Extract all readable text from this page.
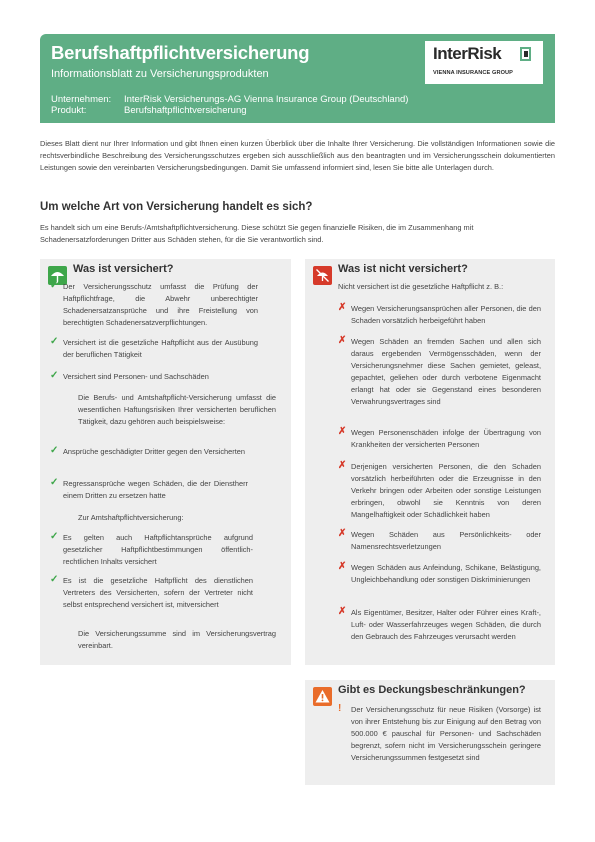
Berufshaftpflichtversicherung
Informationsblatt zu Versicherungsprodukten
Unternehmen: InterRisk Versicherungs-AG Vienna Insurance Group (Deutschland)
Produkt:	Berufshaftpflichtversicherung
InterRisk
VIENNA INSURANCE GROUP
Dieses Blatt dient nur Ihrer Information und gibt Ihnen einen kurzen Überblick über die Inhalte Ihrer Versicherung. Die vollständigen Informationen sowie die rechtsverbindliche Beschreibung des Versicherungsschutzes ergeben sich ausschließlich aus den beantragten und im Versicherungsschein dokumentierten Leistungen sowie den vereinbarten Versicherungsbedingungen. Damit Sie umfassend informiert sind, lesen Sie bitte alle Unterlagen durch.
Um welche Art von Versicherung handelt es sich?
Es handelt sich um eine Berufs-/Amtshaftpflichtversicherung. Diese schützt Sie gegen finanzielle Risiken, die im Zusammenhang mit Schadenersatzforderungen Dritter aus Schäden stehen, für die Sie verantwortlich sind.
Was ist versichert?
✓ Der Versicherungsschutz umfasst die Prüfung der Haftpflichtfrage, die Abwehr unberechtigter Schadenersatzansprüche und ihre Freistellung von berechtigten Schadenersatzverpflichtungen.
✓ Versichert ist die gesetzliche Haftpflicht aus der Ausübung der beruflichen Tätigkeit
✓ Versichert sind Personen- und Sachschäden
Die Berufs- und Amtshaftpflicht-Versicherung umfasst die wesentlichen Haftungsrisiken Ihrer versicherten beruflichen Tätigkeit, dazu gehören auch beispielsweise:
✓ Ansprüche geschädigter Dritter gegen den Versicherten
✓ Regressansprüche wegen Schäden, die der Dienstherr einem Dritten zu ersetzen hatte
Zur Amtshaftpflichtversicherung:
✓ Es gelten auch Haftpflichtansprüche aufgrund gesetzlicher Haftpflichtbestimmungen öffentlich-rechtlichen Inhalts versichert
✓ Es ist die gesetzliche Haftpflicht des dienstlichen Vertreters des Versicherten, sofern der Vertreter nicht selbst entsprechend versichert ist, mitversichert
Die Versicherungssumme sind im Versicherungsvertrag vereinbart.
Was ist nicht versichert?
Nicht versichert ist die gesetzliche Haftpflicht z. B.:
✗ Wegen Versicherungsansprüchen aller Personen, die den Schaden vorsätzlich herbeigeführt haben
✗ Wegen Schäden an fremden Sachen und allen sich daraus ergebenden Vermögensschäden, wenn der Versicherungsnehmer diese Sachen gemietet, geleast, gepachtet, geliehen oder durch verbotene Eigenmacht erlangt hat oder sie Gegenstand eines besonderen Verwahrungsvertrages sind
✗ Wegen Personenschäden infolge der Übertragung von Krankheiten der versicherten Personen
✗ Derjenigen versicherten Personen, die den Schaden vorsätzlich herbeiführten oder die Erzeugnisse in den Verkehr bringen oder Arbeiten oder sonstige Leistungen erbringen, obwohl sie Kenntnis von deren Mangelhaftigkeit oder Schädlichkeit haben
✗ Wegen Schäden aus Persönlichkeits- oder Namensrechtsverletzungen
✗ Wegen Schäden aus Anfeindung, Schikane, Belästigung, Ungleichbehandlung oder sonstigen Diskriminierungen
✗ Als Eigentümer, Besitzer, Halter oder Führer eines Kraft-, Luft- oder Wasserfahrzeuges wegen Schäden, die durch den Gebrauch des Fahrzeuges verursacht werden
Gibt es Deckungsbeschränkungen?
! Der Versicherungsschutz für neue Risiken (Vorsorge) ist von ihrer Entstehung bis zur Einigung auf den Betrag von 500.000 € pauschal für Personen- und Sachschäden begrenzt, sofern nicht im Versicherungsschein geringere Versicherungssummen festgesetzt sind
